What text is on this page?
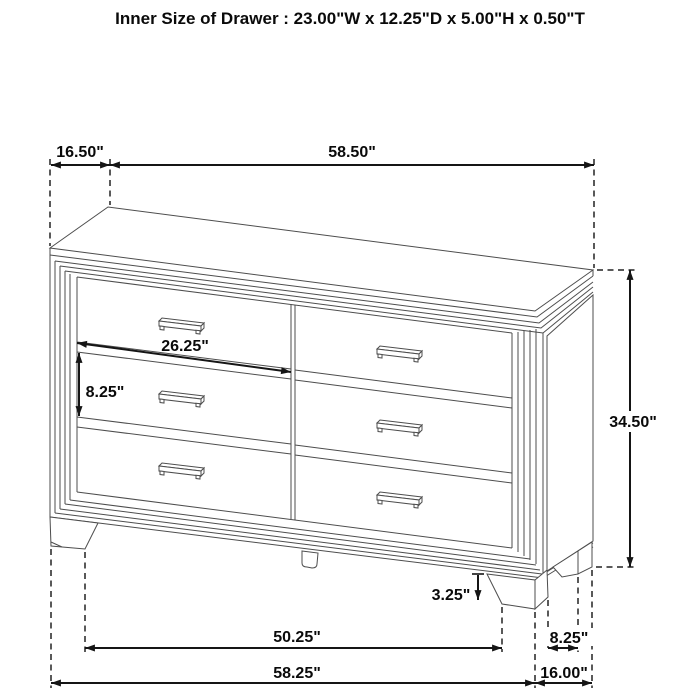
16.50"	58.50"
34.50"
26.25"
8.25"
3.25"
50.25"	8.25"
58.25"	16.00"
Inner Size of Drawer : 23.00"W x 12.25"D x 5.00"H x 0.50"T
